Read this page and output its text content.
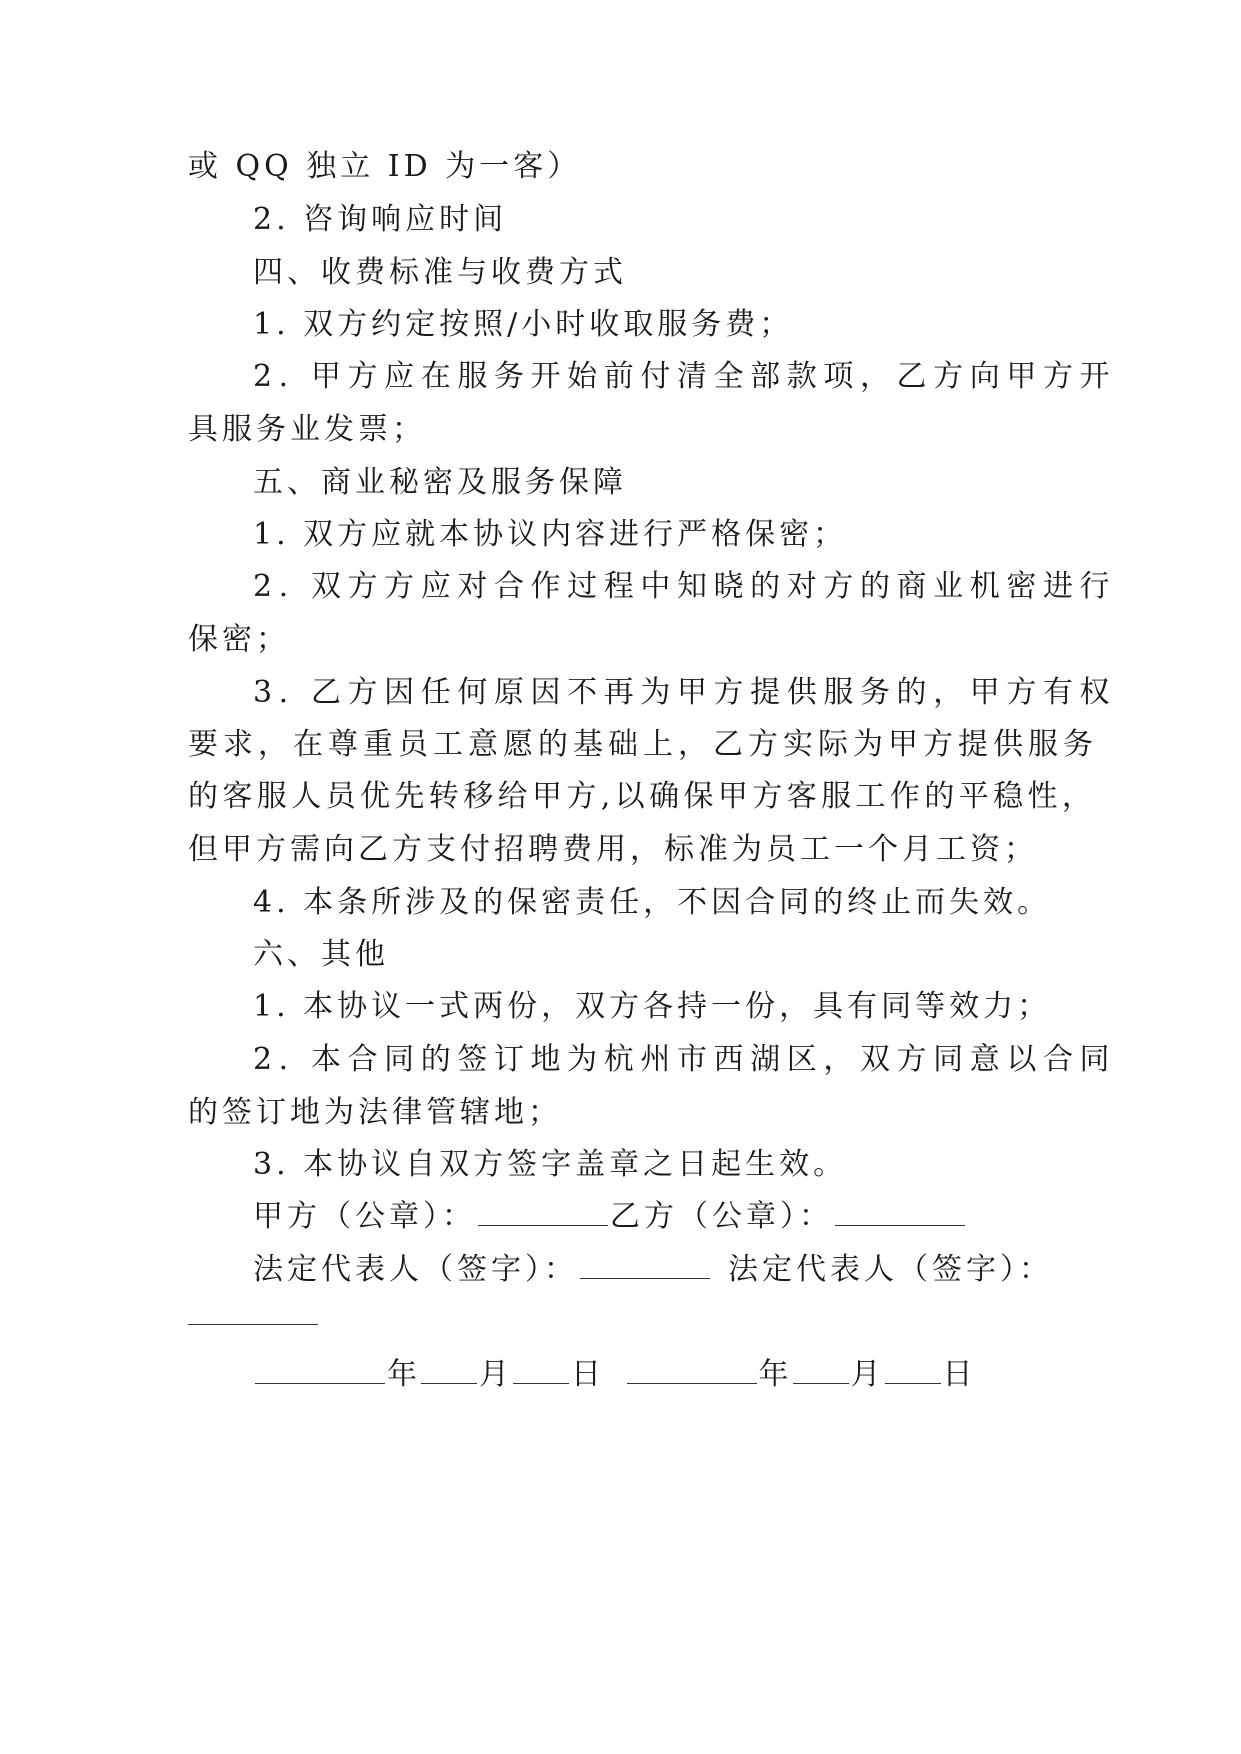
或 QQ 独立 ID 为一客）
2. 咨询响应时间
四、收费标准与收费方式
1. 双方约定按照/小时收取服务费；
2. 甲方应在服务开始前付清全部款项，乙方向甲方开
具服务业发票；
五、商业秘密及服务保障
1. 双方应就本协议内容进行严格保密；
2. 双方方应对合作过程中知晓的对方的商业机密进行
保密；
3. 乙方因任何原因不再为甲方提供服务的，甲方有权
要求，在尊重员工意愿的基础上，乙方实际为甲方提供服务
的客服人员优先转移给甲方,以确保甲方客服工作的平稳性，
但甲方需向乙方支付招聘费用，标准为员工一个月工资；
4. 本条所涉及的保密责任，不因合同的终止而失效。
六、其他
1. 本协议一式两份，双方各持一份，具有同等效力；
2. 本合同的签订地为杭州市西湖区，双方同意以合同
的签订地为法律管辖地；
3. 本协议自双方签字盖章之日起生效。
甲方（公章）：	乙方（公章）：
法定代表人（签字）：	法定代表人（签字）：
年 月 日	年 月 日
